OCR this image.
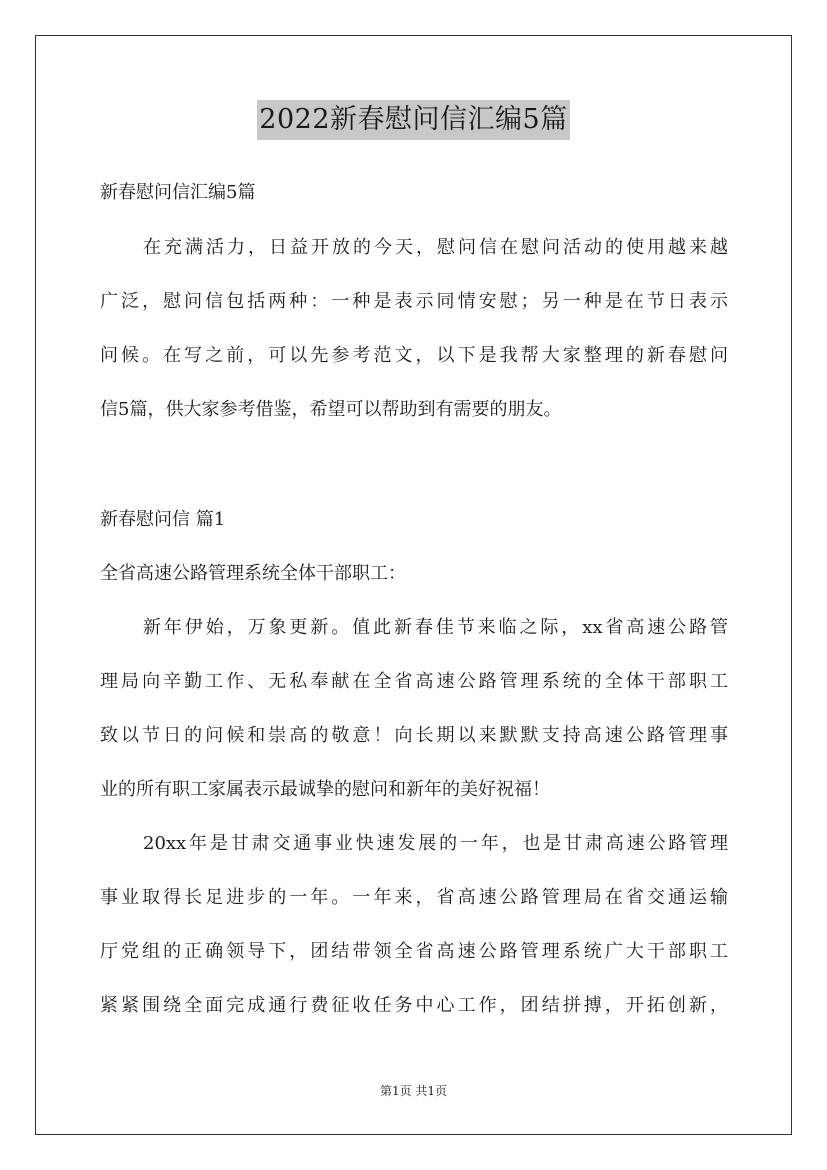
2022新春慰问信汇编5篇

新春慰问信汇编5篇

在充满活力，日益开放的今天，慰问信在慰问活动的使用越来越

广泛，慰问信包括两种：一种是表示同情安慰；另一种是在节日表示

问候。在写之前，可以先参考范文，以下是我帮大家整理的新春慰问

信5篇，供大家参考借鉴，希望可以帮助到有需要的朋友。

新春慰问信 篇1

全省高速公路管理系统全体干部职工：

新年伊始，万象更新。值此新春佳节来临之际，xx省高速公路管

理局向辛勤工作、无私奉献在全省高速公路管理系统的全体干部职工

致以节日的问候和崇高的敬意！向长期以来默默支持高速公路管理事

业的所有职工家属表示最诚挚的慰问和新年的美好祝福！

20xx年是甘肃交通事业快速发展的一年，也是甘肃高速公路管理

事业取得长足进步的一年。一年来，省高速公路管理局在省交通运输

厅党组的正确领导下，团结带领全省高速公路管理系统广大干部职工

紧紧围绕全面完成通行费征收任务中心工作，团结拼搏，开拓创新，

第1页 共1页
